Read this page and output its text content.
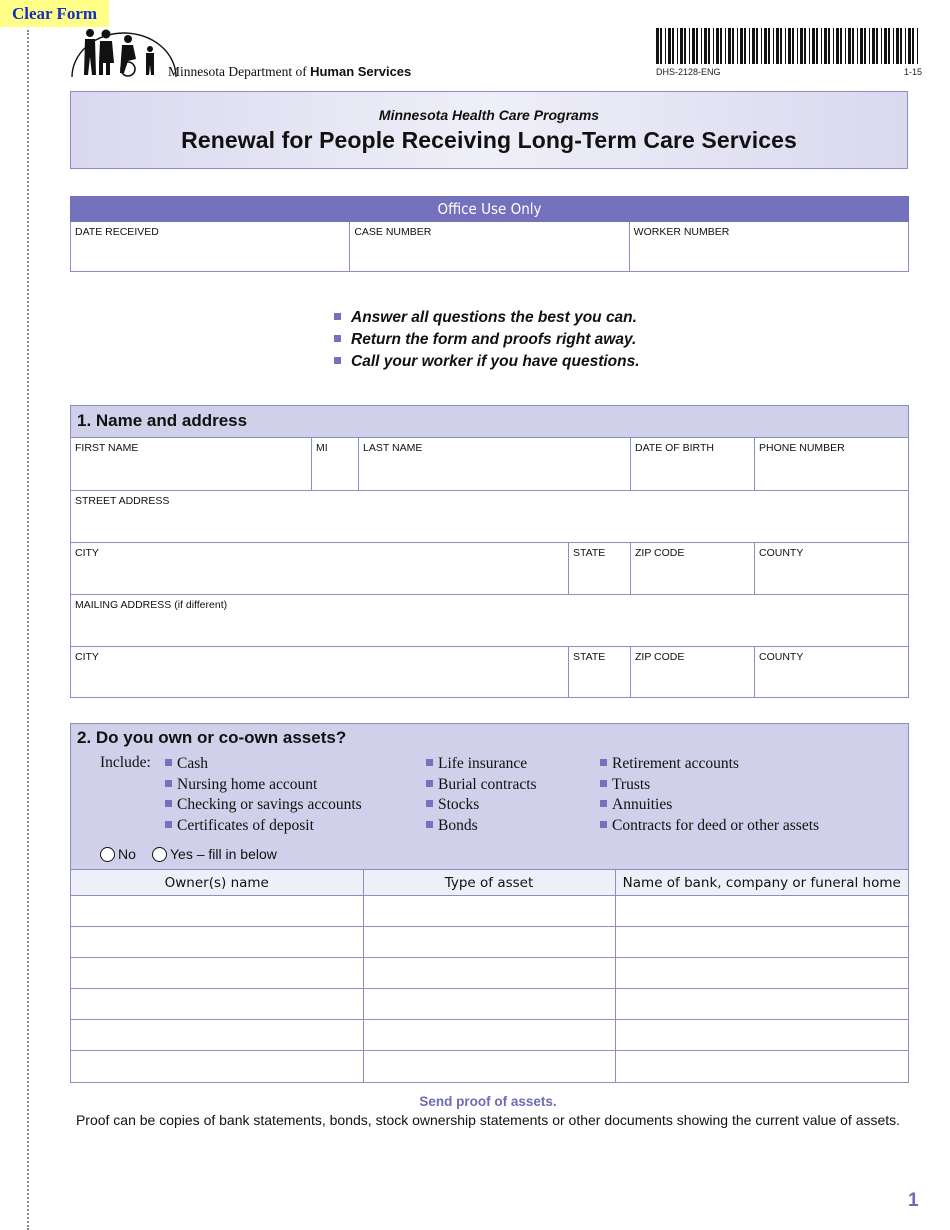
Clear Form
Minnesota Department of Human Services	DHS-2128-ENG	1-15
Minnesota Health Care Programs
Renewal for People Receiving Long-Term Care Services
Office Use Only
DATE RECEIVED	CASE NUMBER	WORKER NUMBER
Answer all questions the best you can.
Return the form and proofs right away.
Call your worker if you have questions.
1. Name and address
FIRST NAME	MI	LAST NAME	DATE OF BIRTH	PHONE NUMBER
STREET ADDRESS
CITY	STATE	ZIP CODE	COUNTY
MAILING ADDRESS (if different)
CITY	STATE	ZIP CODE	COUNTY
2. Do you own or co-own assets?
Include:	Cash
Nursing home account
Checking or savings accounts
Certificates of deposit
Life insurance
Burial contracts
Stocks
Bonds
Retirement accounts
Trusts
Annuities
Contracts for deed or other assets
No Yes – fill in below
Owner(s) name	Type of asset	Name of bank, company or funeral home

Send proof of assets.
Proof can be copies of bank statements, bonds, stock ownership statements or other documents showing the current value of assets.
1
